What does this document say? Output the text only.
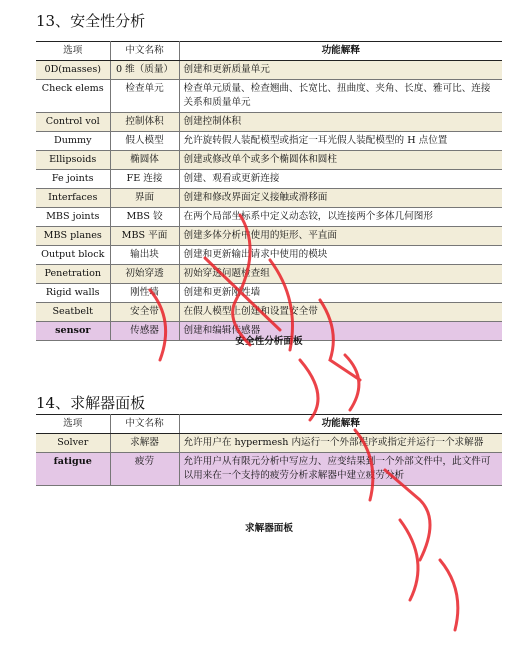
13、安全性分析
选项	中文名称	功能解释
0D(masses)	0 维（质量）	创建和更新质量单元
Check elems	检查单元	检查单元质量、检查翘曲、长宽比、扭曲度、夹角、长度、雅可比、连接关系和质量单元
Control vol	控制体积	创建控制体积
Dummy	假人模型	允许旋转假人装配模型或指定一耳光假人装配模型的 H 点位置
Ellipsoids	椭圆体	创建或修改单个或多个椭圆体和圆柱
Fe joints	FE 连接	创建、观看或更新连接
Interfaces	界面	创建和修改界面定义接触或滑移面
MBS joints	MBS 铰	在两个局部坐标系中定义动态铰，以连接两个多体几何图形
MBS planes	MBS 平面	创建多体分析中使用的矩形、平直面
Output block	输出块	创建和更新输出请求中使用的模块
Penetration	初始穿透	初始穿透问题检查组
Rigid walls	刚性墙	创建和更新刚性墙
Seatbelt	安全带	在假人模型上创建和设置安全带
sensor	传感器	创建和编辑传感器

安全性分析面板

14、求解器面板
选项	中文名称	功能解释
Solver	求解器	允许用户在 hypermesh 内运行一个外部程序或指定并运行一个求解器
fatigue	疲劳	允许用户从有限元分析中写应力、应变结果到一个外部文件中，此文件可以用来在一个支持的疲劳分析求解器中建立疲劳分析

求解器面板
